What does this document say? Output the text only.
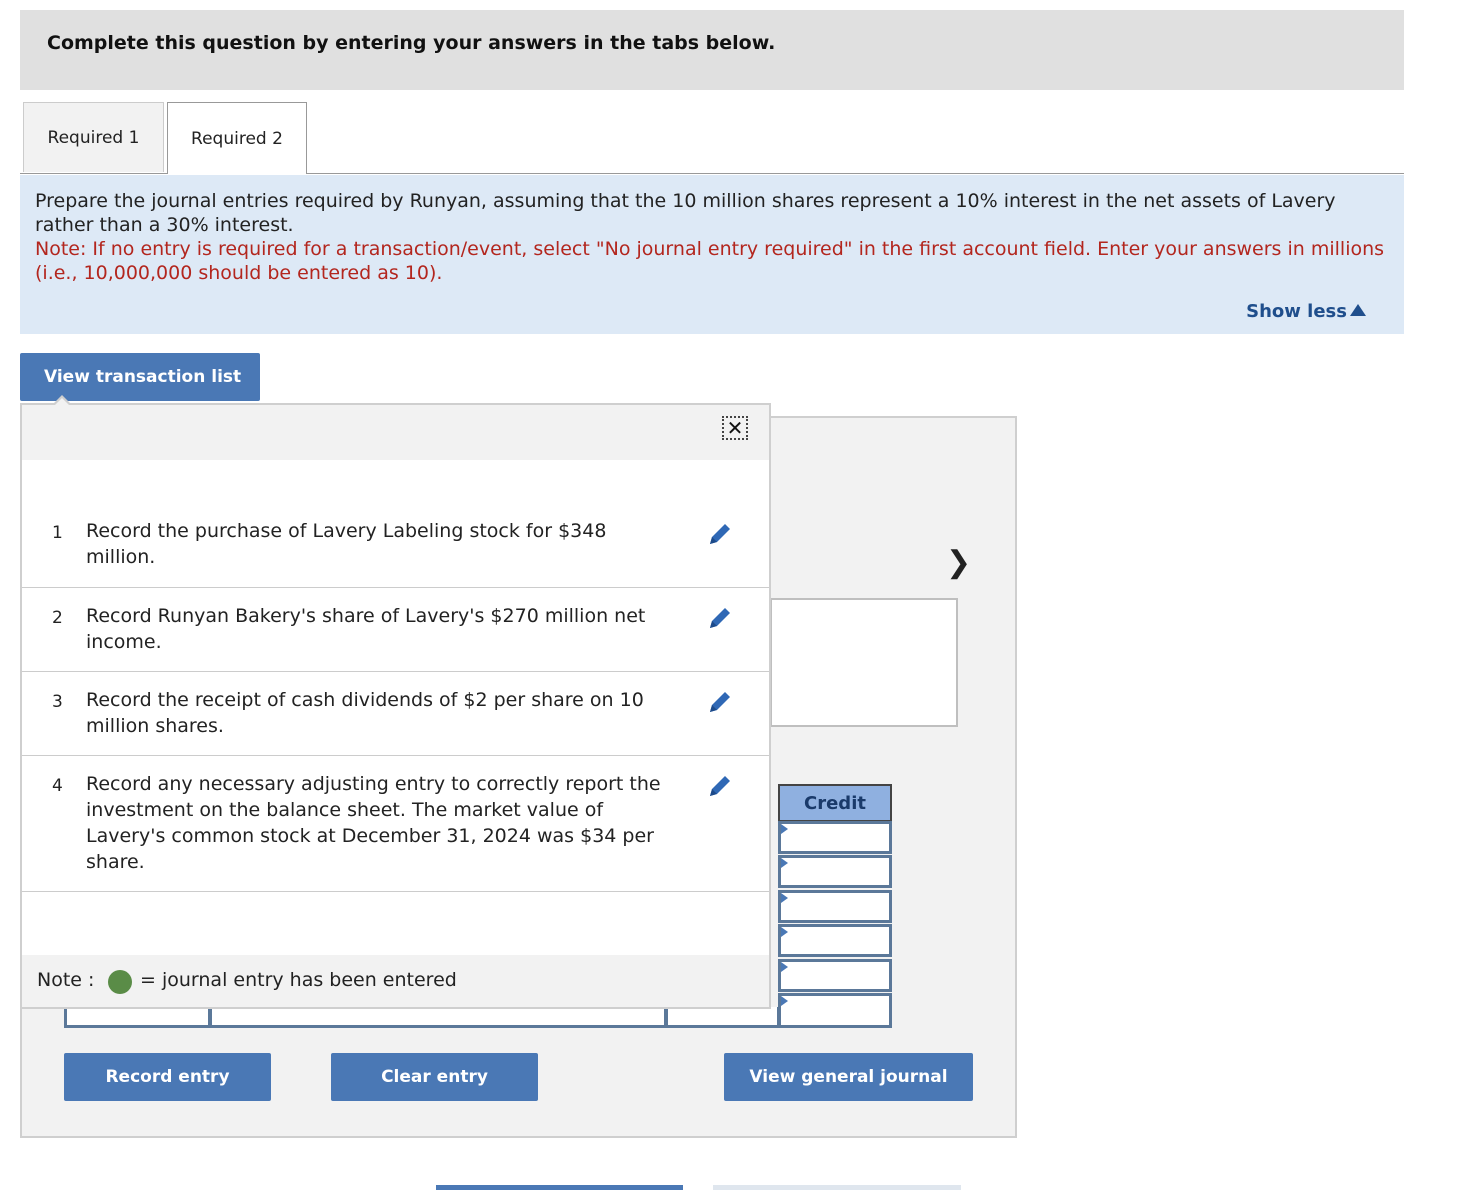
Complete this question by entering your answers in the tabs below.
Required 1	Required 2
Prepare the journal entries required by Runyan, assuming that the 10 million shares represent a 10% interest in the net assets of Lavery rather than a 30% interest.
Note: If no entry is required for a transaction/event, select "No journal entry required" in the first account field. Enter your answers in millions (i.e., 10,000,000 should be entered as 10).
Show less
View transaction list
❯
Credit
Record entry	Clear entry	View general journal
✕
1 Record the purchase of Lavery Labeling stock for $348 million.
2 Record Runyan Bakery's share of Lavery's $270 million net income.
3 Record the receipt of cash dividends of $2 per share on 10 million shares.
4 Record any necessary adjusting entry to correctly report the investment on the balance sheet. The market value of Lavery's common stock at December 31, 2024 was $34 per share.
Note : = journal entry has been entered
